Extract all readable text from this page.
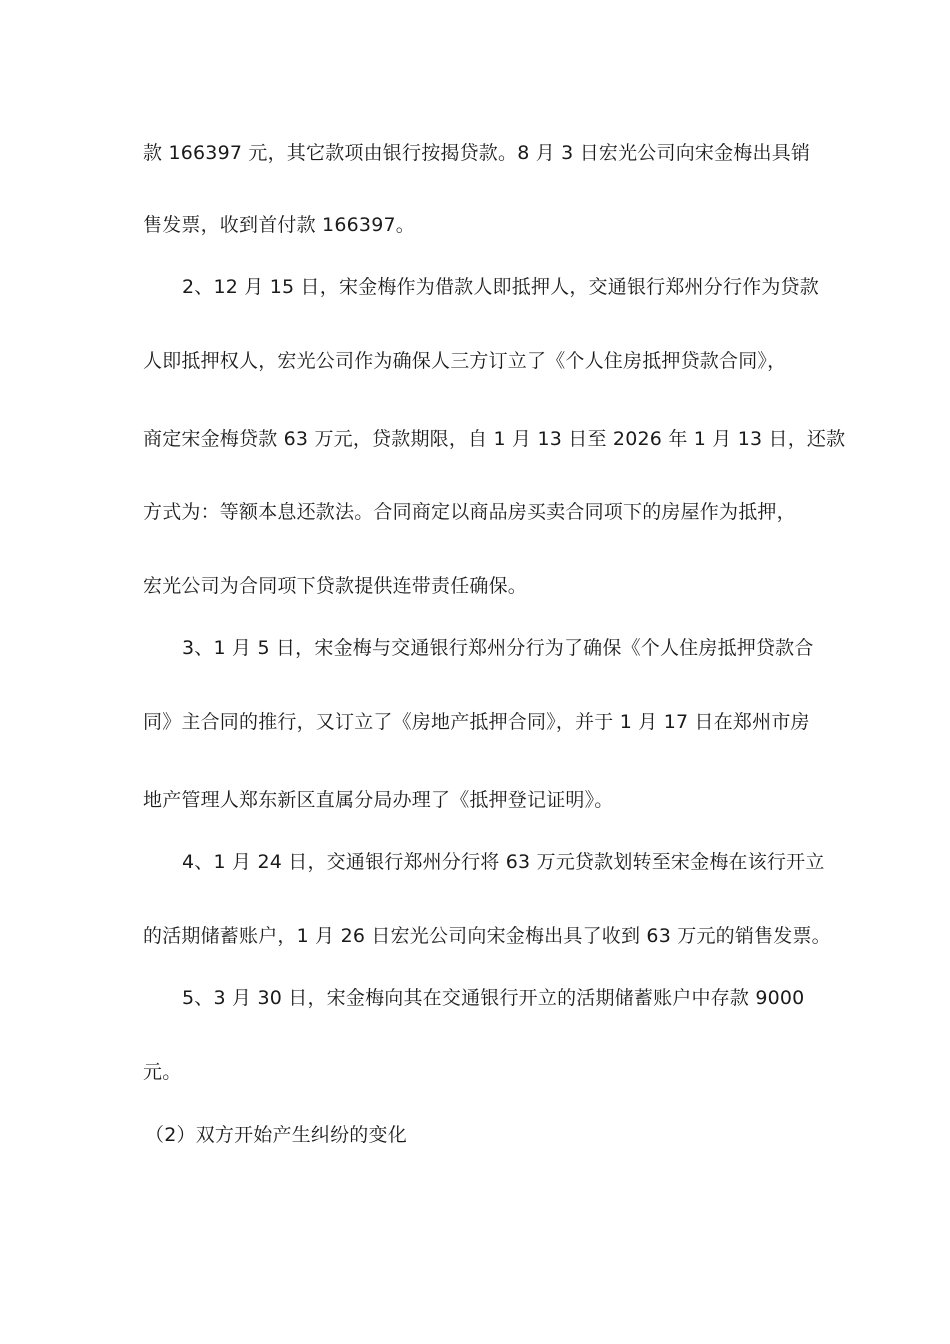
款 166397 元，其它款项由银行按揭贷款。8 月 3 日宏光公司向宋金梅出具销
售发票，收到首付款 166397。
2、12 月 15 日，宋金梅作为借款人即抵押人，交通银行郑州分行作为贷款
人即抵押权人，宏光公司作为确保人三方订立了《个人住房抵押贷款合同》，
商定宋金梅贷款 63 万元，贷款期限，自 1 月 13 日至 2026 年 1 月 13 日，还款
方式为：等额本息还款法。合同商定以商品房买卖合同项下的房屋作为抵押，
宏光公司为合同项下贷款提供连带责任确保。
3、1 月 5 日，宋金梅与交通银行郑州分行为了确保《个人住房抵押贷款合
同》主合同的推行，又订立了《房地产抵押合同》，并于 1 月 17 日在郑州市房
地产管理人郑东新区直属分局办理了《抵押登记证明》。
4、1 月 24 日，交通银行郑州分行将 63 万元贷款划转至宋金梅在该行开立
的活期储蓄账户，1 月 26 日宏光公司向宋金梅出具了收到 63 万元的销售发票。
5、3 月 30 日，宋金梅向其在交通银行开立的活期储蓄账户中存款 9000
元。
（2）双方开始产生纠纷的变化
